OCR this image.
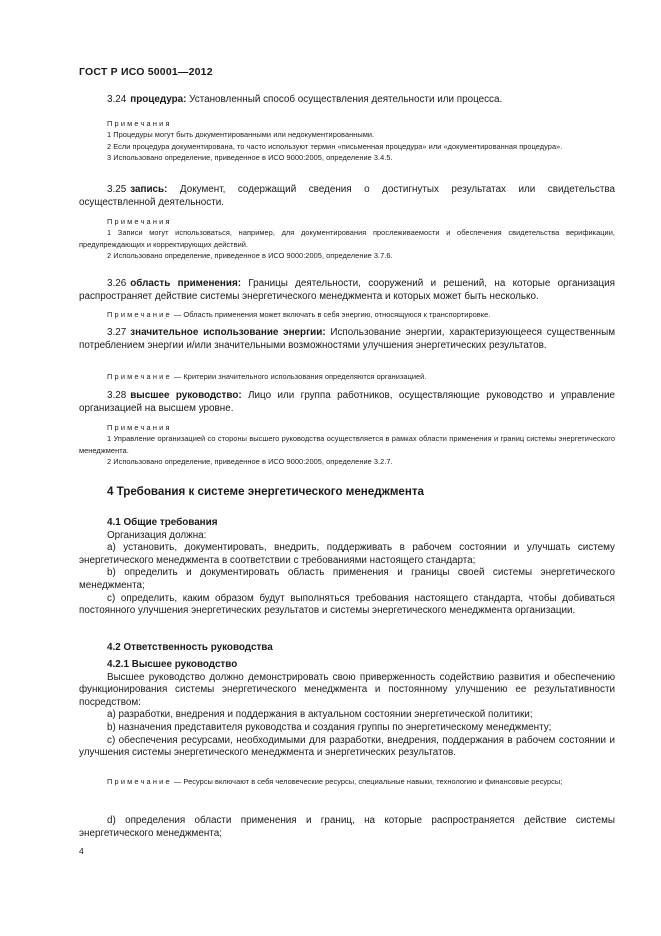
ГОСТ Р ИСО 50001—2012

3.24 процедура: Установленный способ осуществления деятельности или процесса.

Примечания

1 Процедуры могут быть документированными или недокументированными.

2 Если процедура документирована, то часто используют термин «письменная процедура» или «документированная процедура».

3 Использовано определение, приведенное в ИСО 9000:2005, определение 3.4.5.

3.25 запись: Документ, содержащий сведения о достигнутых результатах или свидетельства осуществленной деятельности.

Примечания

1 Записи могут использоваться, например, для документирования прослеживаемости и обеспечения свидетельства верификации, предупреждающих и корректирующих действий.

2 Использовано определение, приведенное в ИСО 9000:2005, определение 3.7.6.

3.26 область применения: Границы деятельности, сооружений и решений, на которые организация распространяет действие системы энергетического менеджмента и которых может быть несколько.

Примечание — Область применения может включать в себя энергию, относящуюся к транспортировке.

3.27 значительное использование энергии: Использование энергии, характеризующееся существенным потреблением энергии и/или значительными возможностями улучшения энергетических результатов.

Примечание — Критерии значительного использования определяются организацией.

3.28 высшее руководство: Лицо или группа работников, осуществляющие руководство и управление организацией на высшем уровне.

Примечания

1 Управление организацией со стороны высшего руководства осуществляется в рамках области применения и границ системы энергетического менеджмента.

2 Использовано определение, приведенное в ИСО 9000:2005, определение 3.2.7.

4 Требования к системе энергетического менеджмента

4.1 Общие требования

Организация должна:

a) установить, документировать, внедрить, поддерживать в рабочем состоянии и улучшать систему энергетического менеджмента в соответствии с требованиями настоящего стандарта;

b) определить и документировать область применения и границы своей системы энергетического менеджмента;

c) определить, каким образом будут выполняться требования настоящего стандарта, чтобы добиваться постоянного улучшения энергетических результатов и системы энергетического менеджмента организации.

4.2 Ответственность руководства

4.2.1 Высшее руководство

Высшее руководство должно демонстрировать свою приверженность содействию развития и обеспечению функционирования системы энергетического менеджмента и постоянному улучшению ее результативности посредством:

a) разработки, внедрения и поддержания в актуальном состоянии энергетической политики;

b) назначения представителя руководства и создания группы по энергетическому менеджменту;

c) обеспечения ресурсами, необходимыми для разработки, внедрения, поддержания в рабочем состоянии и улучшения системы энергетического менеджмента и энергетических результатов.

Примечание — Ресурсы включают в себя человеческие ресурсы, специальные навыки, технологию и финансовые ресурсы;

d) определения области применения и границ, на которые распространяется действие системы энергетического менеджмента;

4
